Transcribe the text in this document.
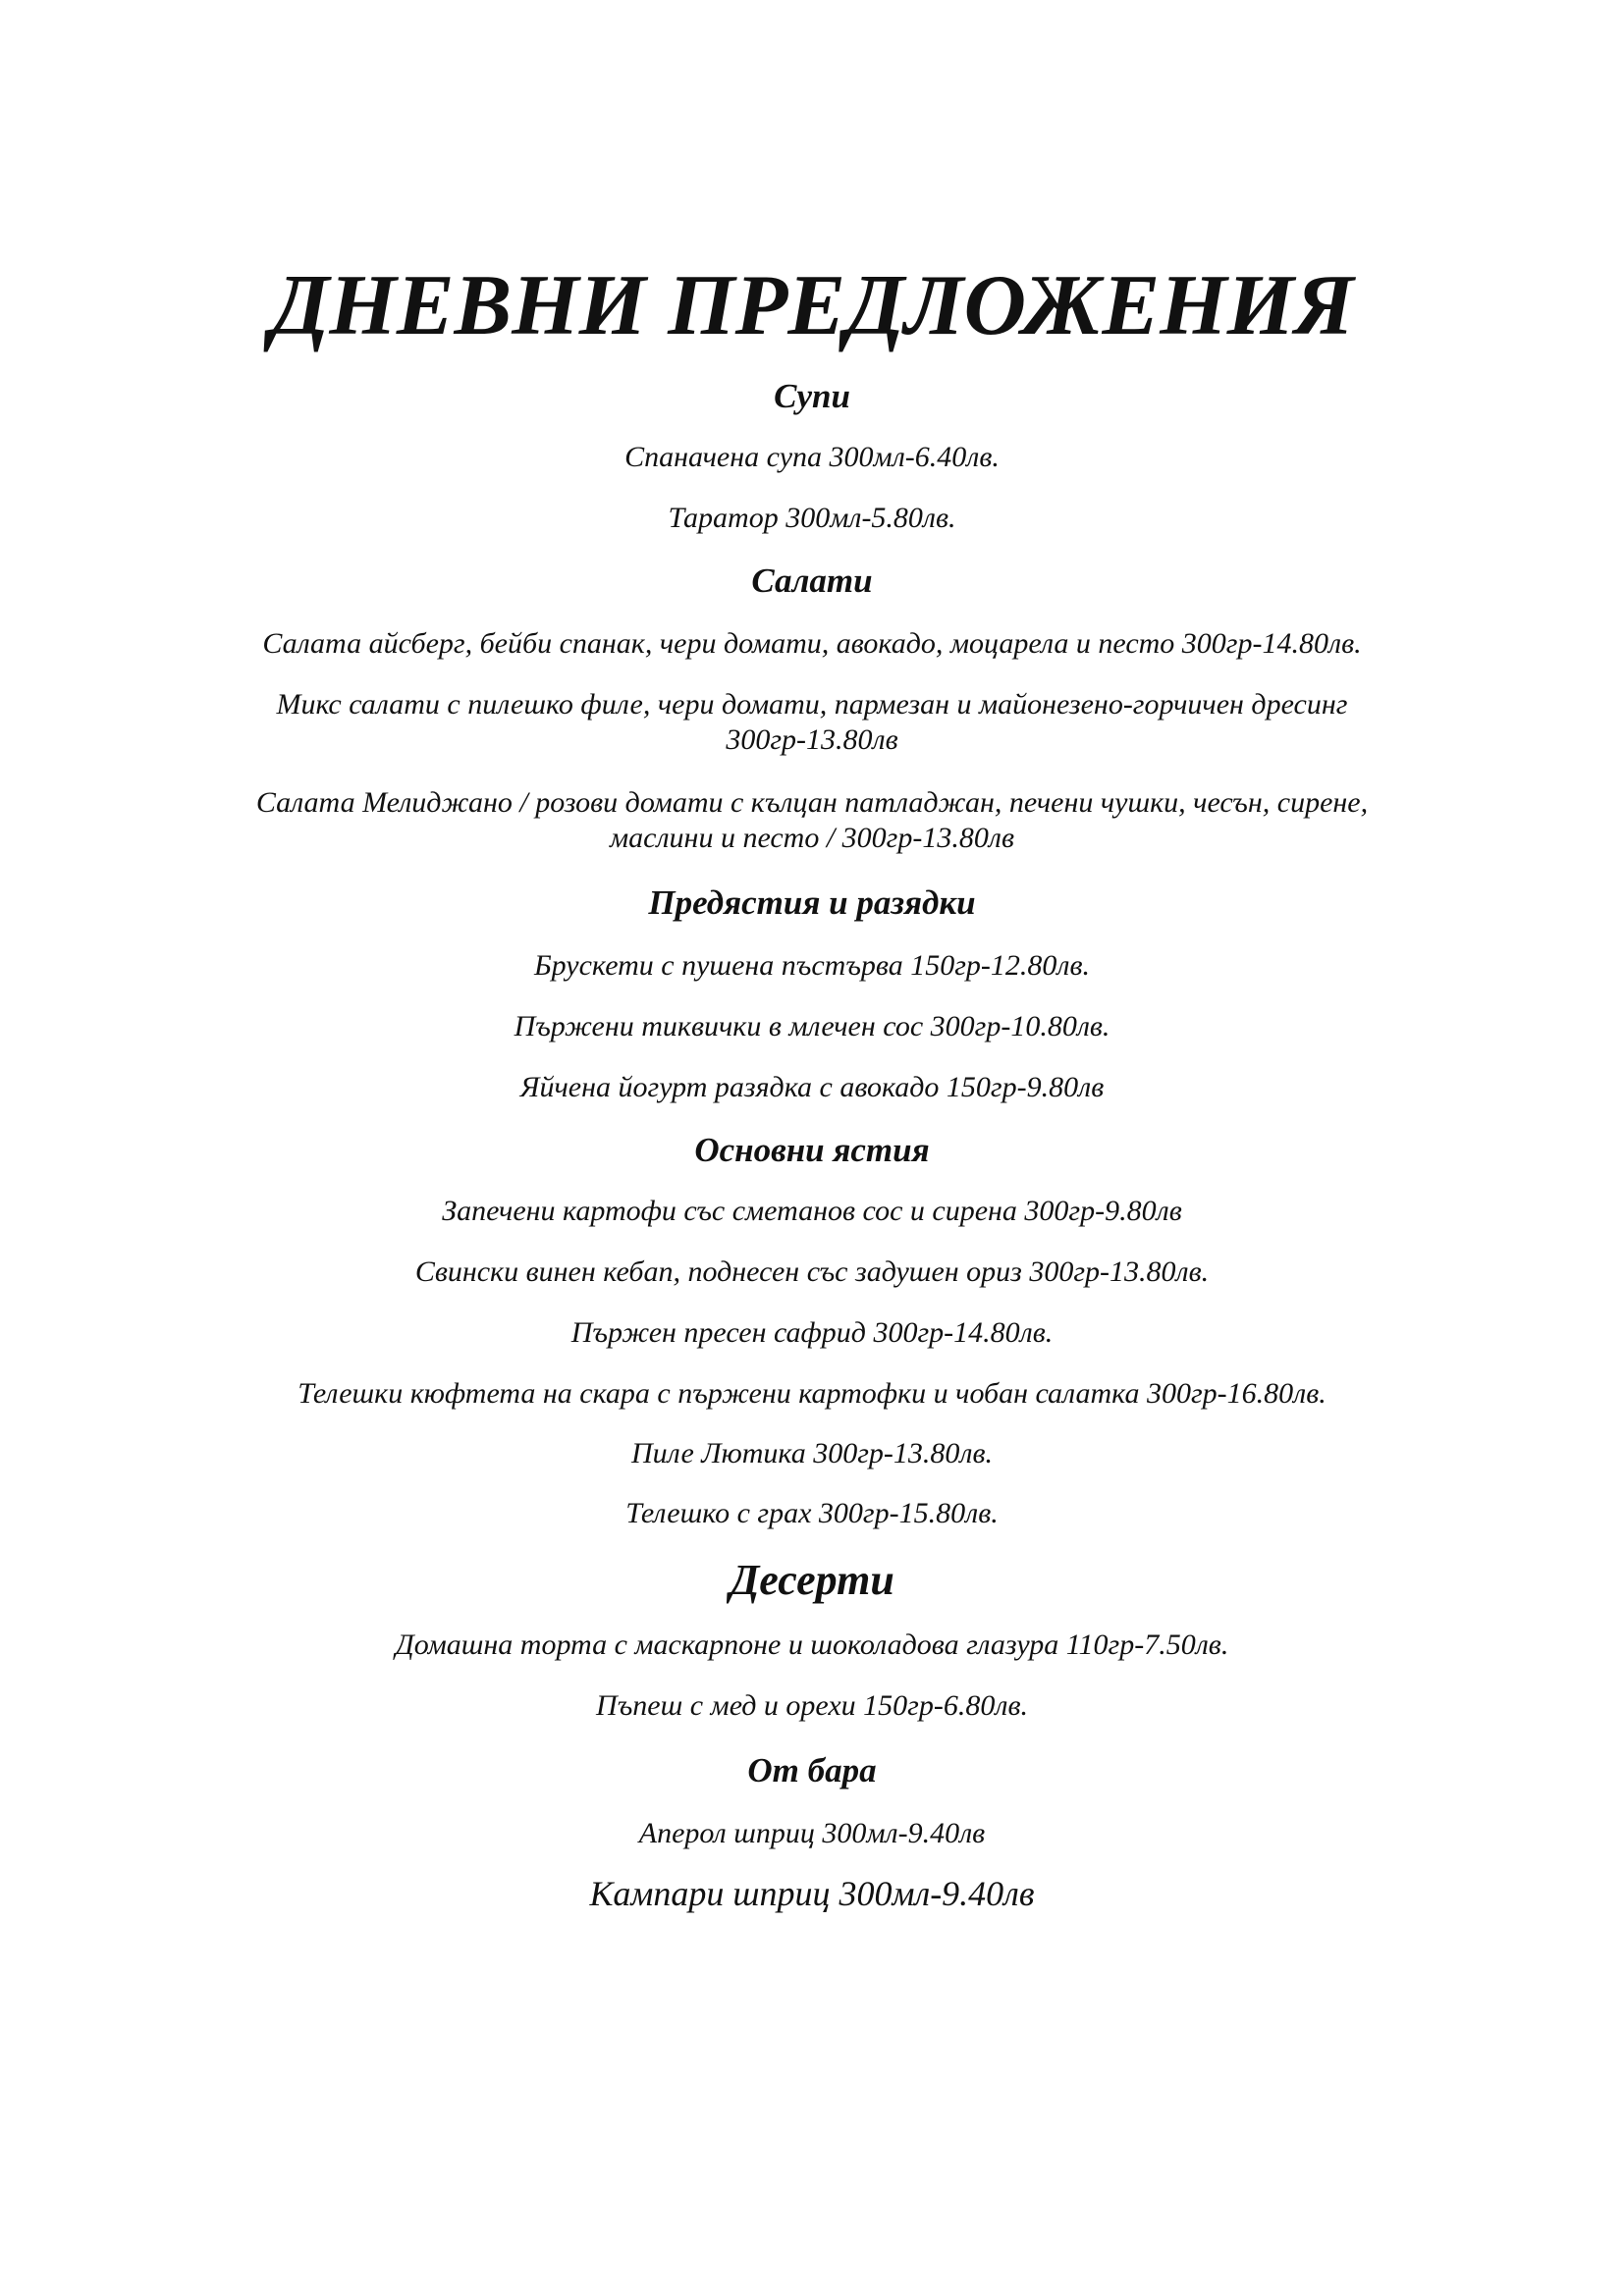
ДНЕВНИ ПРЕДЛОЖЕНИЯ
Супи

Спаначена супа 300мл-6.40лв.

Таратор 300мл-5.80лв.

Салати

Салата айсберг, бейби спанак, чери домати, авокадо, моцарела и песто 300гр-14.80лв.

Микс салати с пилешко филе, чери домати, пармезан и майонезено-горчичен дресинг 300гр-13.80лв

Салата Мелиджано / розови домати с кълцан патладжан, печени чушки, чесън, сирене, маслини и песто / 300гр-13.80лв

Предястия и разядки

Брускети с пушена пъстърва 150гр-12.80лв.

Пържени тиквички в млечен сос 300гр-10.80лв.

Яйчена йогурт разядка с авокадо 150гр-9.80лв

Основни ястия

Запечени картофи със сметанов сос и сирена 300гр-9.80лв

Свински винен кебап, поднесен със задушен ориз 300гр-13.80лв.

Пържен пресен сафрид 300гр-14.80лв.

Телешки кюфтета на скара с пържени картофки и чобан салатка 300гр-16.80лв.

Пиле Лютика 300гр-13.80лв.

Телешко с грах 300гр-15.80лв.

Десерти

Домашна торта с маскарпоне и шоколадова глазура 110гр-7.50лв.

Пъпеш с мед и орехи 150гр-6.80лв.

От бара

Аперол шприц 300мл-9.40лв

Кампари шприц 300мл-9.40лв
